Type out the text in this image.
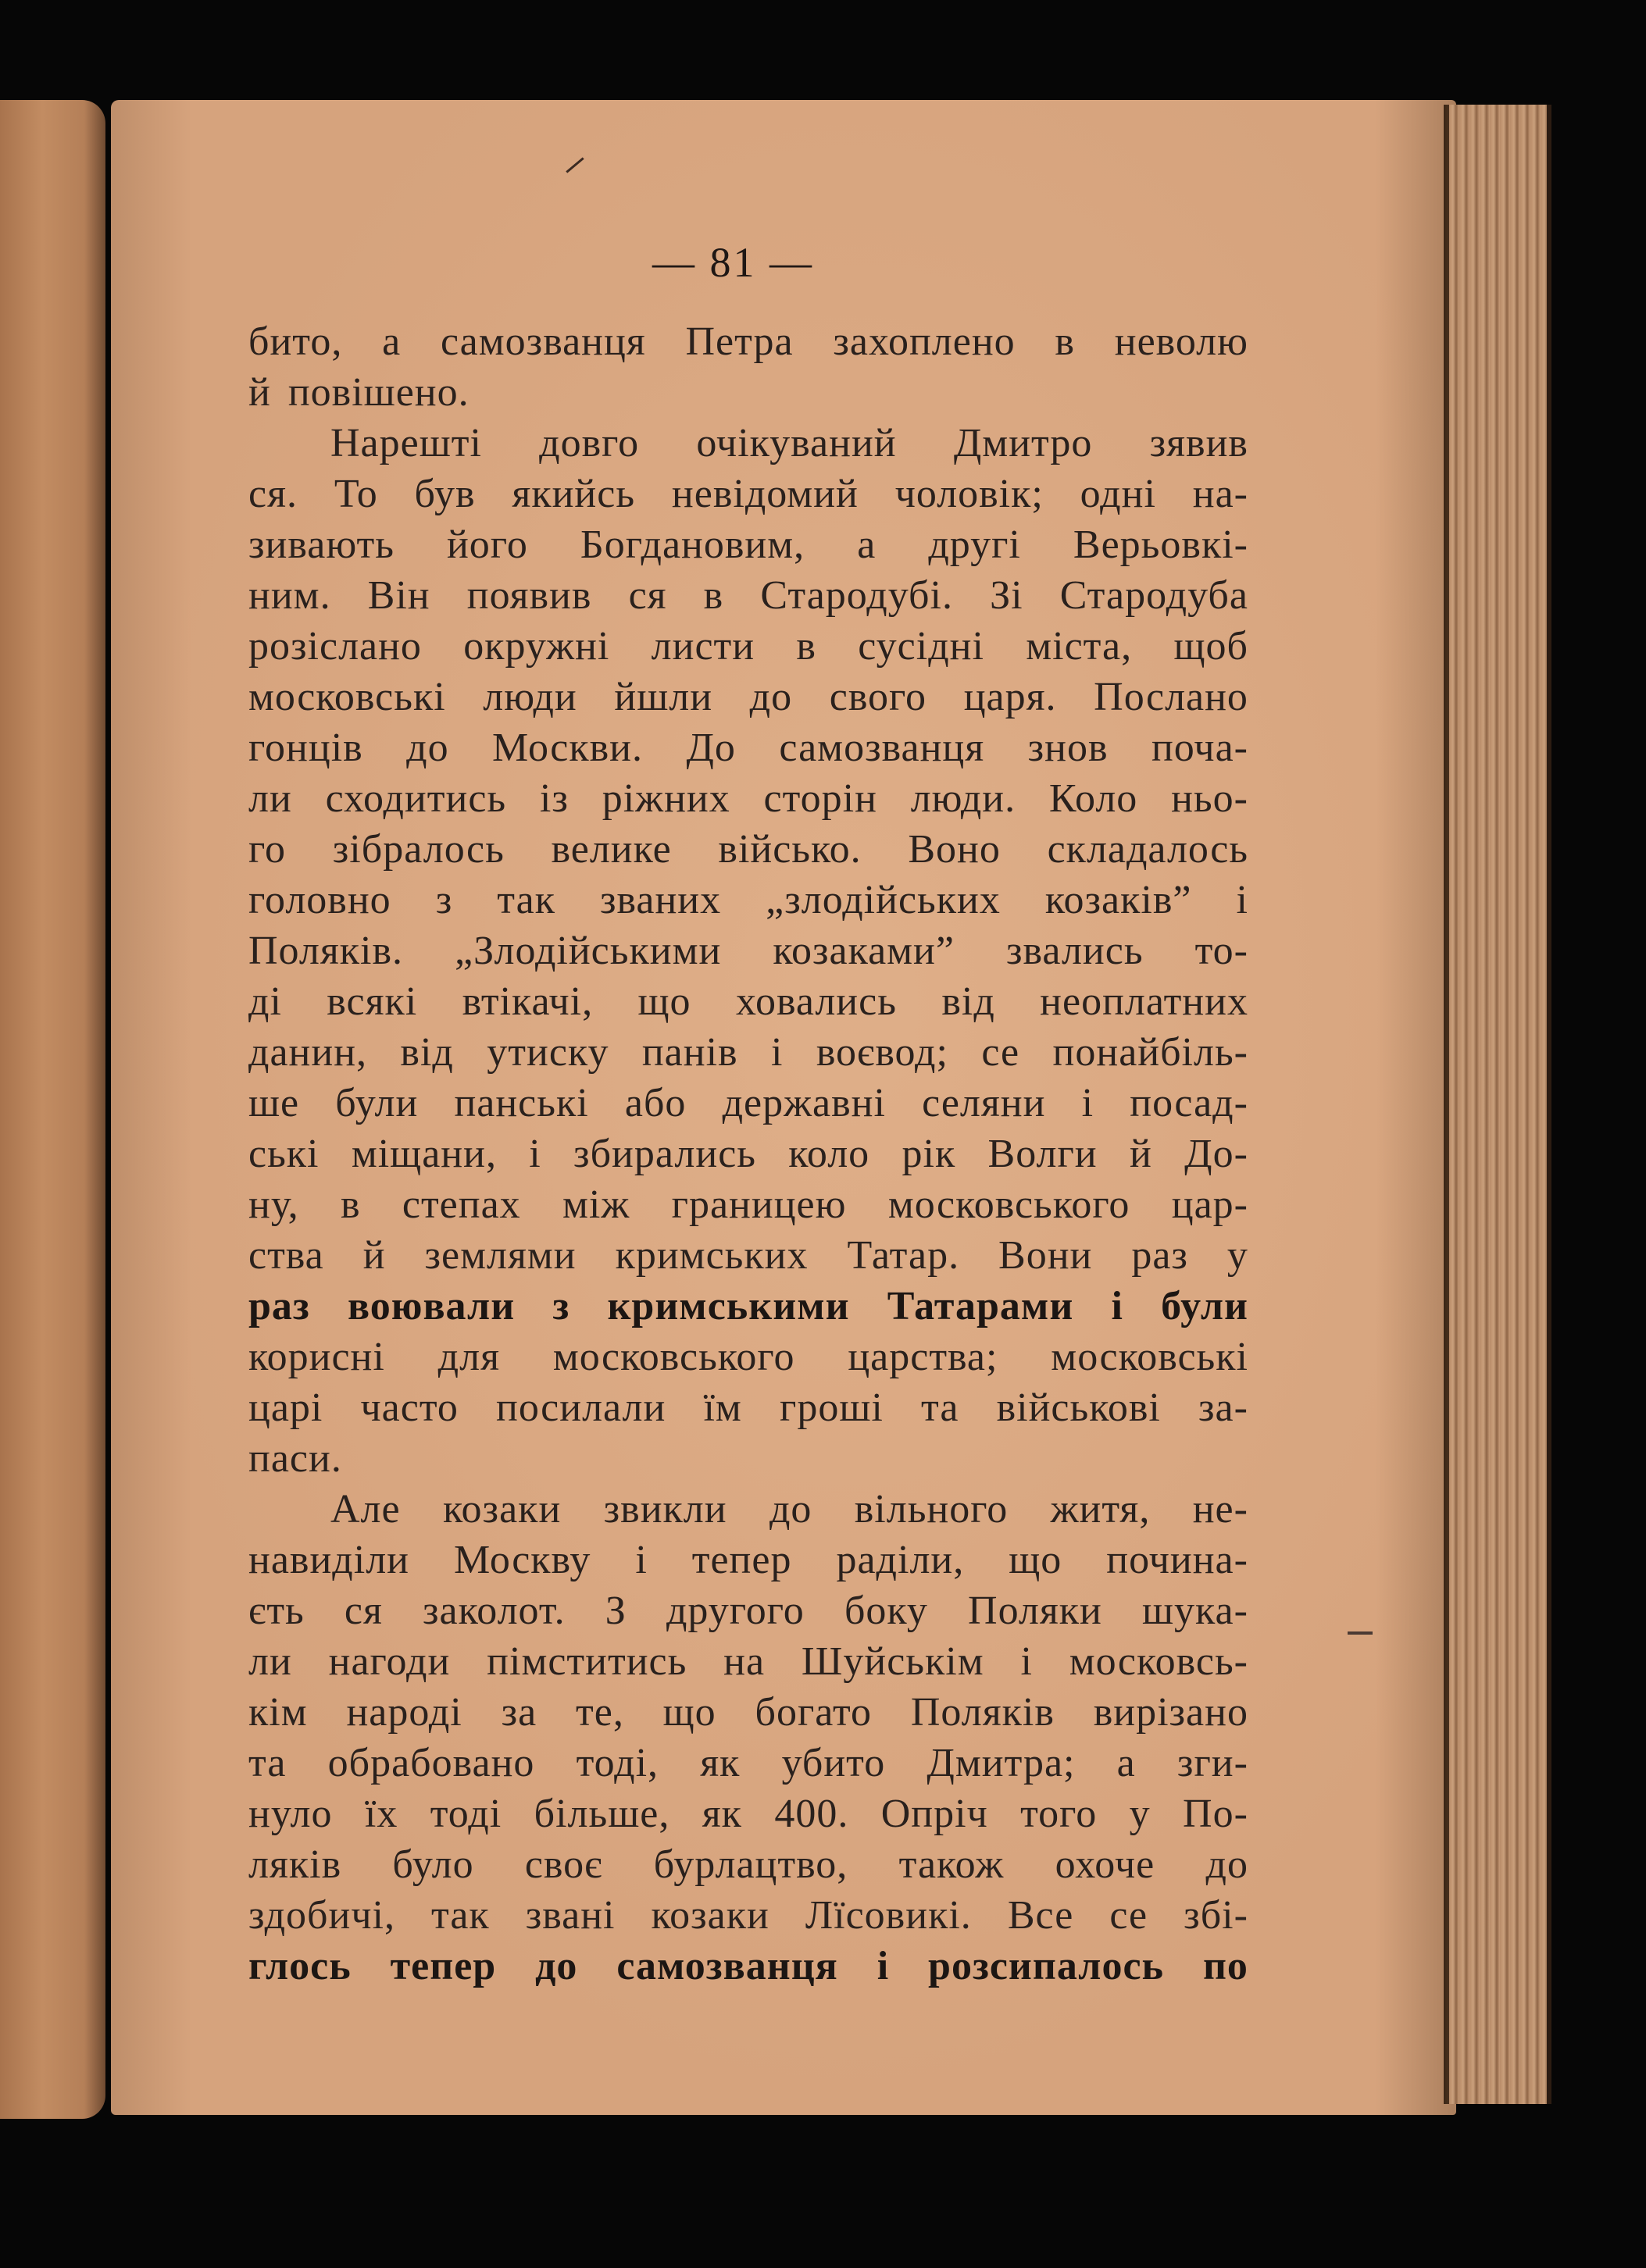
— 81 —
бито, а самозванця Петра захоплено в неволю
й повішено.
Нарешті довго очікуваний Дмитро зявив
ся. То був якийсь невідомий чоловік; одні на-
зивають його Богдановим, а другі Верьовкі-
ним. Він появив ся в Стародубі. Зі Стародуба
розіслано окружні листи в сусідні міста, щоб
московські люди йшли до свого царя. Послано
гонців до Москви. До самозванця знов поча-
ли сходитись із ріжних сторін люди. Коло ньо-
го зібралось велике військо. Воно складалось
головно з так званих „злодійських козаків” і
Поляків. „Злодійськими козаками” звались то-
ді всякі втікачі, що ховались від неоплатних
данин, від утиску панів і воєвод; се понайбіль-
ше були панські або державні селяни і посад-
ські міщани, і збирались коло рік Волги й До-
ну, в степах між границею московського цар-
ства й землями кримських Татар. Вони раз у
раз воювали з кримськими Татарами і були
корисні для московського царства; московські
царі часто посилали їм гроші та військові за-
паси.
Але козаки звикли до вільного житя, не-
навиділи Москву і тепер раділи, що починa-
єть ся заколот. З другого боку Поляки шука-
ли нагоди пімститись на Шуйськім і московсь-
кім народі за те, що богато Поляків вирізано
та обрабовано тоді, як убито Дмитра; а зги-
нуло їх тоді більше, як 400. Опріч того у По-
ляків було своє бурлацтво, також охоче до
здобичі, так звані козаки Лїсовикі. Все се збі-
глось тепер до самозванця і розсипалось по
